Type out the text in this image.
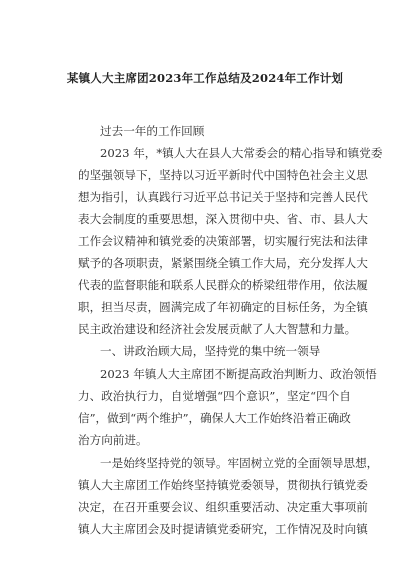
某镇人大主席团2023年工作总结及2024年工作计划
过去一年的工作回顾
2023 年，*镇人大在县人大常委会的精心指导和镇党委
的坚强领导下，坚持以习近平新时代中国特色社会主义思
想为指引，认真践行习近平总书记关于坚持和完善人民代
表大会制度的重要思想，深入贯彻中央、省、市、县人大
工作会议精神和镇党委的决策部署，切实履行宪法和法律
赋予的各项职责，紧紧围绕全镇工作大局，充分发挥人大
代表的监督职能和联系人民群众的桥梁纽带作用，依法履
职，担当尽责，圆满完成了年初确定的目标任务，为全镇
民主政治建设和经济社会发展贡献了人大智慧和力量。
一、讲政治顾大局，坚持党的集中统一领导
2023 年镇人大主席团不断提高政治判断力、政治领悟
力、政治执行力，自觉增强“四个意识”，坚定“四个自
信”，做到“两个维护”，确保人大工作始终沿着正确政
治方向前进。
一是始终坚持党的领导。牢固树立党的全面领导思想，
镇人大主席团工作始终坚持镇党委领导，贯彻执行镇党委
决定，在召开重要会议、组织重要活动、决定重大事项前
镇人大主席团会及时提请镇党委研究，工作情况及时向镇
